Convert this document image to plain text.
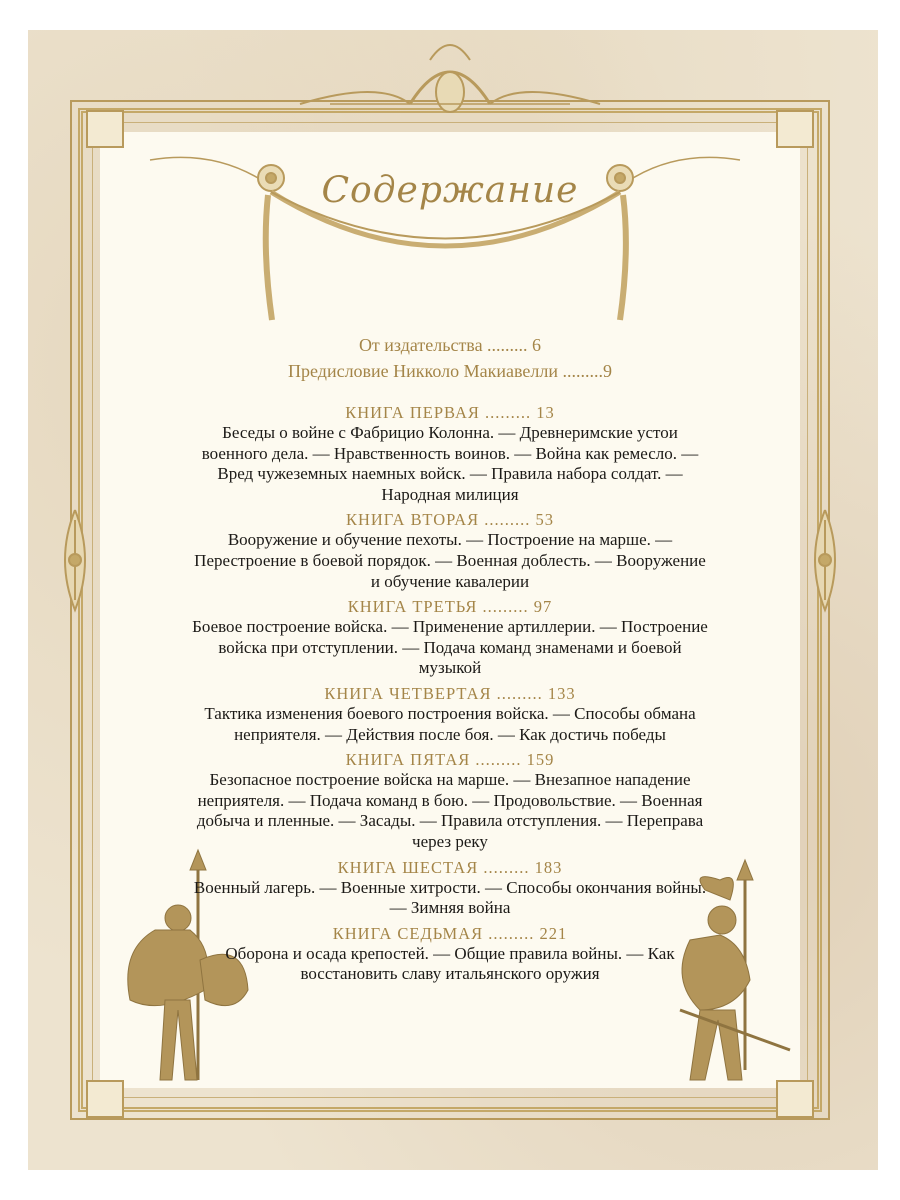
Содержание

От издательства ......... 6

Предисловие Никколо Макиавелли .........9

КНИГА ПЕРВАЯ ......... 13

Беседы о войне с Фабрицио Колонна. — Древнеримские устои военного дела. — Нравственность воинов. — Война как ремесло. — Вред чужеземных наемных войск. — Правила набора солдат. — Народная милиция

КНИГА ВТОРАЯ ......... 53

Вооружение и обучение пехоты. — Построение на марше. — Перестроение в боевой порядок. — Военная доблесть. — Вооружение и обучение кавалерии

КНИГА ТРЕТЬЯ ......... 97

Боевое построение войска. — Применение артиллерии. — Построение войска при отступлении. — Подача команд знаменами и боевой музыкой

КНИГА ЧЕТВЕРТАЯ ......... 133

Тактика изменения боевого построения войска. — Способы обмана неприятеля. — Действия после боя. — Как достичь победы

КНИГА ПЯТАЯ ......... 159

Безопасное построение войска на марше. — Внезапное нападение неприятеля. — Подача команд в бою. — Продовольствие. — Военная добыча и пленные. — Засады. — Правила отступления. — Переправа через реку

КНИГА ШЕСТАЯ ......... 183

Военный лагерь. — Военные хитрости. — Способы окончания войны. — Зимняя война

КНИГА СЕДЬМАЯ ......... 221

Оборона и осада крепостей. — Общие правила войны. — Как восстановить славу итальянского оружия
